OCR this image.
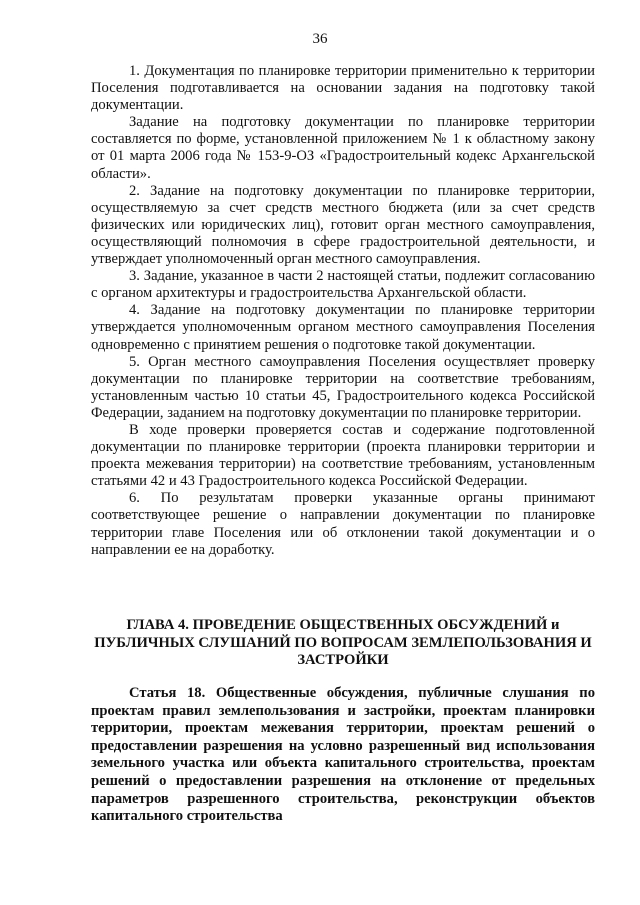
36

1. Документация по планировке территории применительно к территории Поселения подготавливается на основании задания на подготовку такой документации.

Задание на подготовку документации по планировке территории составляется по форме, установленной приложением № 1 к областному закону от 01 марта 2006 года № 153-9-ОЗ «Градостроительный кодекс Архангельской области».

2. Задание на подготовку документации по планировке территории, осуществляемую за счет средств местного бюджета (или за счет средств физических или юридических лиц), готовит орган местного самоуправления, осуществляющий полномочия в сфере градостроительной деятельности, и утверждает уполномоченный орган местного самоуправления.

3. Задание, указанное в части 2 настоящей статьи, подлежит согласованию с органом архитектуры и градостроительства Архангельской области.

4. Задание на подготовку документации по планировке территории утверждается уполномоченным органом местного самоуправления Поселения одновременно с принятием решения о подготовке такой документации.

5. Орган местного самоуправления Поселения осуществляет проверку документации по планировке территории на соответствие требованиям, установленным частью 10 статьи 45, Градостроительного кодекса Российской Федерации, заданием на подготовку документации по планировке территории.

В ходе проверки проверяется состав и содержание подготовленной документации по планировке территории (проекта планировки территории и проекта межевания территории) на соответствие требованиям, установленным статьями 42 и 43 Градостроительного кодекса Российской Федерации.

6. По результатам проверки указанные органы принимают соответствующее решение о направлении документации по планировке территории главе Поселения или об отклонении такой документации и о направлении ее на доработку.

ГЛАВА 4. ПРОВЕДЕНИЕ ОБЩЕСТВЕННЫХ ОБСУЖДЕНИЙ и ПУБЛИЧНЫХ СЛУШАНИЙ ПО ВОПРОСАМ ЗЕМЛЕПОЛЬЗОВАНИЯ И ЗАСТРОЙКИ

Статья 18. Общественные обсуждения, публичные слушания по проектам правил землепользования и застройки, проектам планировки территории, проектам межевания территории, проектам решений о предоставлении разрешения на условно разрешенный вид использования земельного участка или объекта капитального строительства, проектам решений о предоставлении разрешения на отклонение от предельных параметров разрешенного строительства, реконструкции объектов капитального строительства
